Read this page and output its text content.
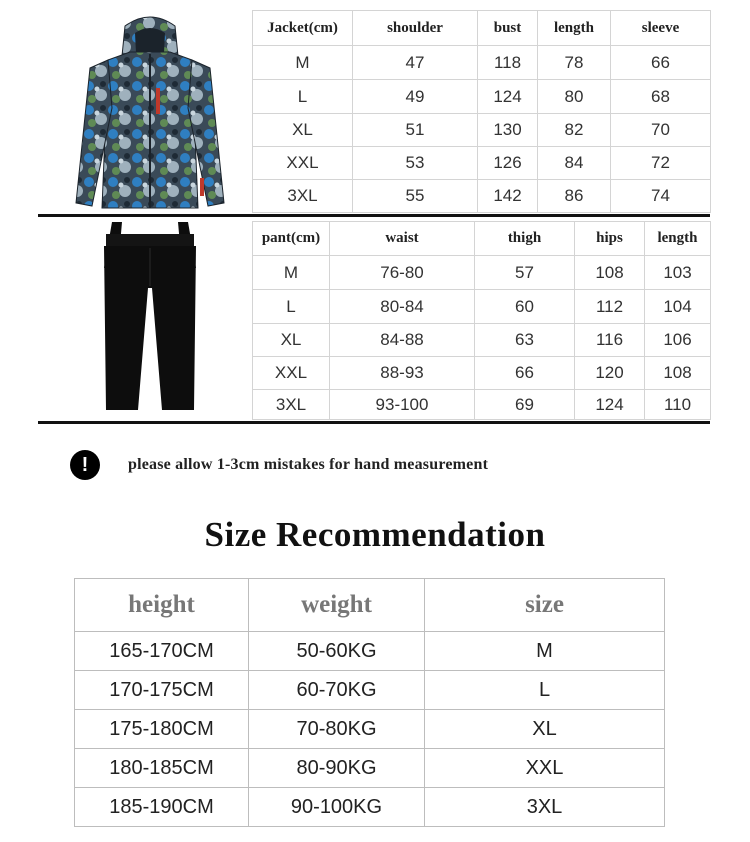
Jacket(cm)	shoulder	bust	length	sleeve
M	47	118	78	66
L	49	124	80	68
XL	51	130	82	70
XXL	53	126	84	72
3XL	55	142	86	74
pant(cm)	waist	thigh	hips	length
M	76-80	57	108	103
L	80-84	60	112	104
XL	84-88	63	116	106
XXL	88-93	66	120	108
3XL	93-100	69	124	110
!	please allow 1-3cm mistakes for hand measurement
Size Recommendation
height	weight	size
165-170CM	50-60KG	M
170-175CM	60-70KG	L
175-180CM	70-80KG	XL
180-185CM	80-90KG	XXL
185-190CM	90-100KG	3XL
